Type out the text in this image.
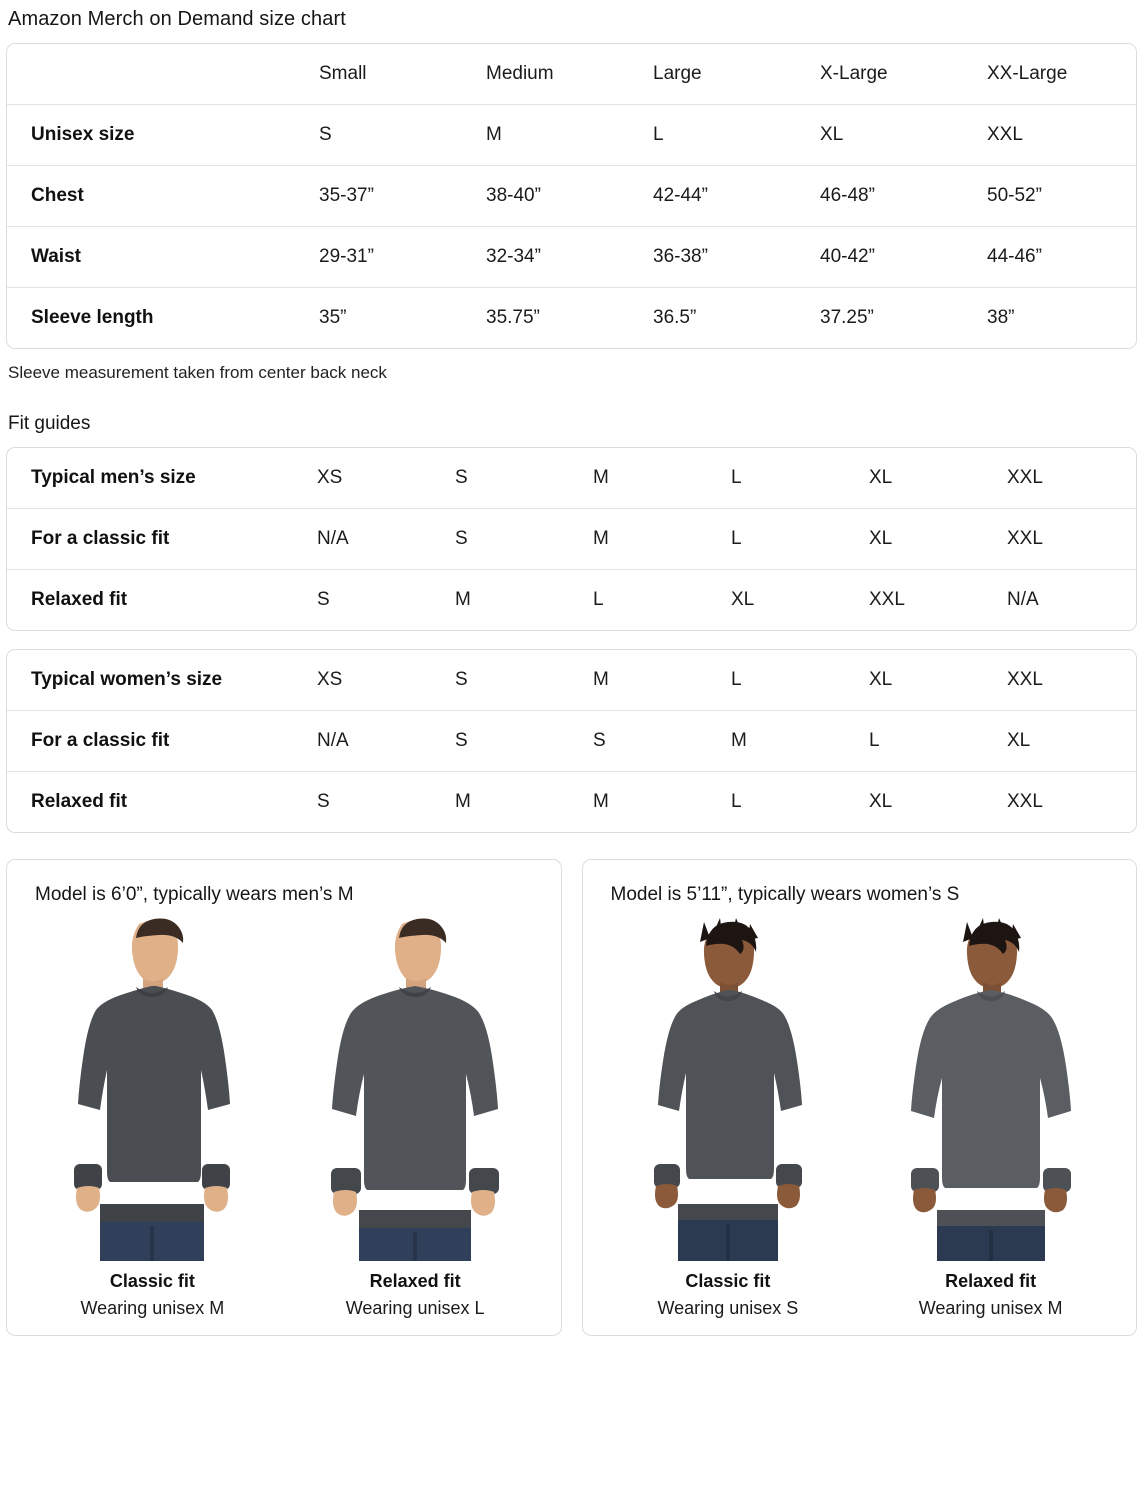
Amazon Merch on Demand size chart
	Small	Medium	Large	X-Large	XX-Large
Unisex size	S	M	L	XL	XXL
Chest	35-37”	38-40”	42-44”	46-48”	50-52”
Waist	29-31”	32-34”	36-38”	40-42”	44-46”
Sleeve length	35”	35.75”	36.5”	37.25”	38”
Sleeve measurement taken from center back neck
Fit guides
Typical men’s size	XS	S	M	L	XL	XXL
For a classic fit	N/A	S	M	L	XL	XXL
Relaxed fit	S	M	L	XL	XXL	N/A
Typical women’s size	XS	S	M	L	XL	XXL
For a classic fit	N/A	S	S	M	L	XL
Relaxed fit	S	M	M	L	XL	XXL
Model is 6’0”, typically wears men’s M
Classic fit
Wearing unisex M
Relaxed fit
Wearing unisex L
Model is 5’11”, typically wears women’s S
Classic fit
Wearing unisex S
Relaxed fit
Wearing unisex M
